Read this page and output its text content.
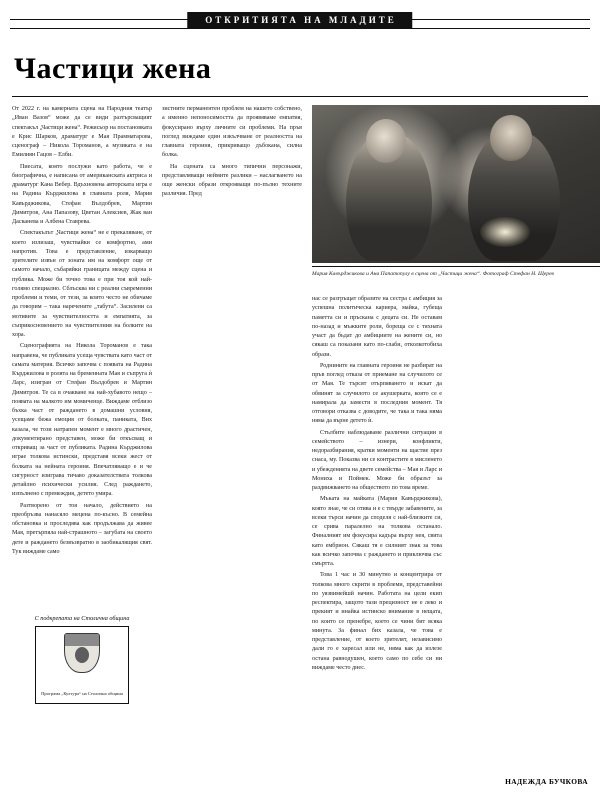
ОТКРИТИЯТА НА МЛАДИТЕ
Частици жена
Мария Кавърджикова и Ана Папатопулу в сцена от „Частици жена“. Фотограф Стефан Н. Щерев

От 2022 г. на камерната сцена на Народния театър „Иван Вазов“ може да се види разтърсващият спектакъл „Частици жена“. Режисьор на постановката е Крис Шарков, драматург е Мая Прамматарова, сценограф – Никола Тороманов, а музиката е на Емилиян Гацов – Елби.

Пиесата, която послужи като работа, че е биографична, е написана от американската актриса и драматург Кана Вебер. Вдъхновена авторската игра е на Радина Кърджилова в главната роля, Мария Кавърджикова, Стефан Вълдобрев, Мартин Димитров, Ана Папазову, Цветан Алексиев, Жак ван Дасканева и Албена Ставрева.

Спектакълът „Частици жена“ не е прекаляване, от което излизаш, чувствайки се комфортно, ами напротив. Това е представление, изкарващо зрителите извън от зоната им на комфорт още от самото начало, събаряйки границата между сцена и публика. Може би точно това е при тоя кой най-голямо специално. Сблъсква ни с реални съвременни проблеми и теми, от тези, за които често не обичаме да говорим – така наречените „табута“. Засилени са мотивите за чувствителността и емпатията, за съприкосновението на чувствителния на болките на хора.

Сценографията на Никола Тороманов е така направена, че публиката усеща чувствата като част от самата материя. Всичко започва с появата на Радина Кърджилова в ролята на бременната Мая и съпруга ѝ Ларс, изигран от Стефан Вълдобрев и Мартин Димитров. Те са в очакване на най-хубавото нещо – появата на малкото им момиченце. Виждаме отблизо бъхка част от раждането в домашни условия, усещаме бежа емоция от болката, паниката, Вих казала, че този натрапен момент е много драстичен, документирано представен, може би откъсващ и откриващ за част от публиката. Радина Кърджилова играе толкова истински, представя всеки жест от болката на нейната героиня. Впечатляващо е и че сигурност изиграва тичаво доказателствата толкова детайлно психически усилия. След раждането, изпълнено с премеждия, детето умира.

Разтворено от тоя начало, действието на преобръзва нанасяло мецена по-късно. В семейна обстановка и проследява как продължава да живее Мая, претърпяла най-страшното – загубата на своето дете и раждането безвъзвратно в заобикалящия свят. Тук виждаме само

зистните перманентен проблем на нашето собствено, а именно непоносимостта да проявяваме емпатия, фокусирано върху личните си проблеми. На пръв поглед виждаме един изкълчване от реалността на главната героиня, прикриващо дъбокана, силна болка.

На сцената са много типични персонажи, представляващи неймите разлики – наслагването на още женски образи открояващи по-пълно техните различия. Пред

нас се разгръщат образите на сестра с амбиция за успешна политическа кариера, майка, губеща паметта си и пръскана с децата си. Не оставам по-назад и мъжките роли, бореща се с тяхната участ да бъдат до амбициите на жените си, но сякаш са показани като по-слаби, отколкотобиха образи.

Роднините на главната героиня не разбират на пръв поглед отказа от приемане на случилото се от Мая. Те търсят отърпяването и искат да обвинят за случилото се акушерката, която се е намирала да замести в последния момент. Тя отговори отказва с доводите, че така и така няма няма да върне детето ѝ.

Стълбите наблюдаваме различни ситуации в семейството – изнери, конфликти, недоразбирания, кратки моменти на щастие през снаса, му. Показва ни се контрастите в мисленето и убежденията на двете семейства – Мая и Ларс и Мониха и Поймек. Може би образът за раздвижването на обществото по това време.

Мъката на майката (Мария Кавърджикова), която знае, че си отива и е с твърде забавените, за всеки търси начин да споделя с най-близките си, се срива паралелно на толкова останало. Финалният им фокусира кадъра върху нея, свита като ембрион. Сякаш тя е силният знак за това как всичко започва с раждането и приключва със смъртта.

Това 1 час и 30 минутно и концентрира от толкова много скрити в проблеми, представейни по уязвимейшй начин. Работата на цели екип респектира, защото тази прецизност не е леко и прекият и инайка истинско внимание в нещата, по които се пренебре, което се чини бит всяка минута. За финал бих казала, че това е представление, от което зрителят, независимо дали го е харесал или не, няма как да излезе остана равнодушен, което само по себе си ни виждаме често днес.

С подкрепата на Столична община
Програма „Култура“ на Столична община
НАДЕЖДА БУЧКОВА
